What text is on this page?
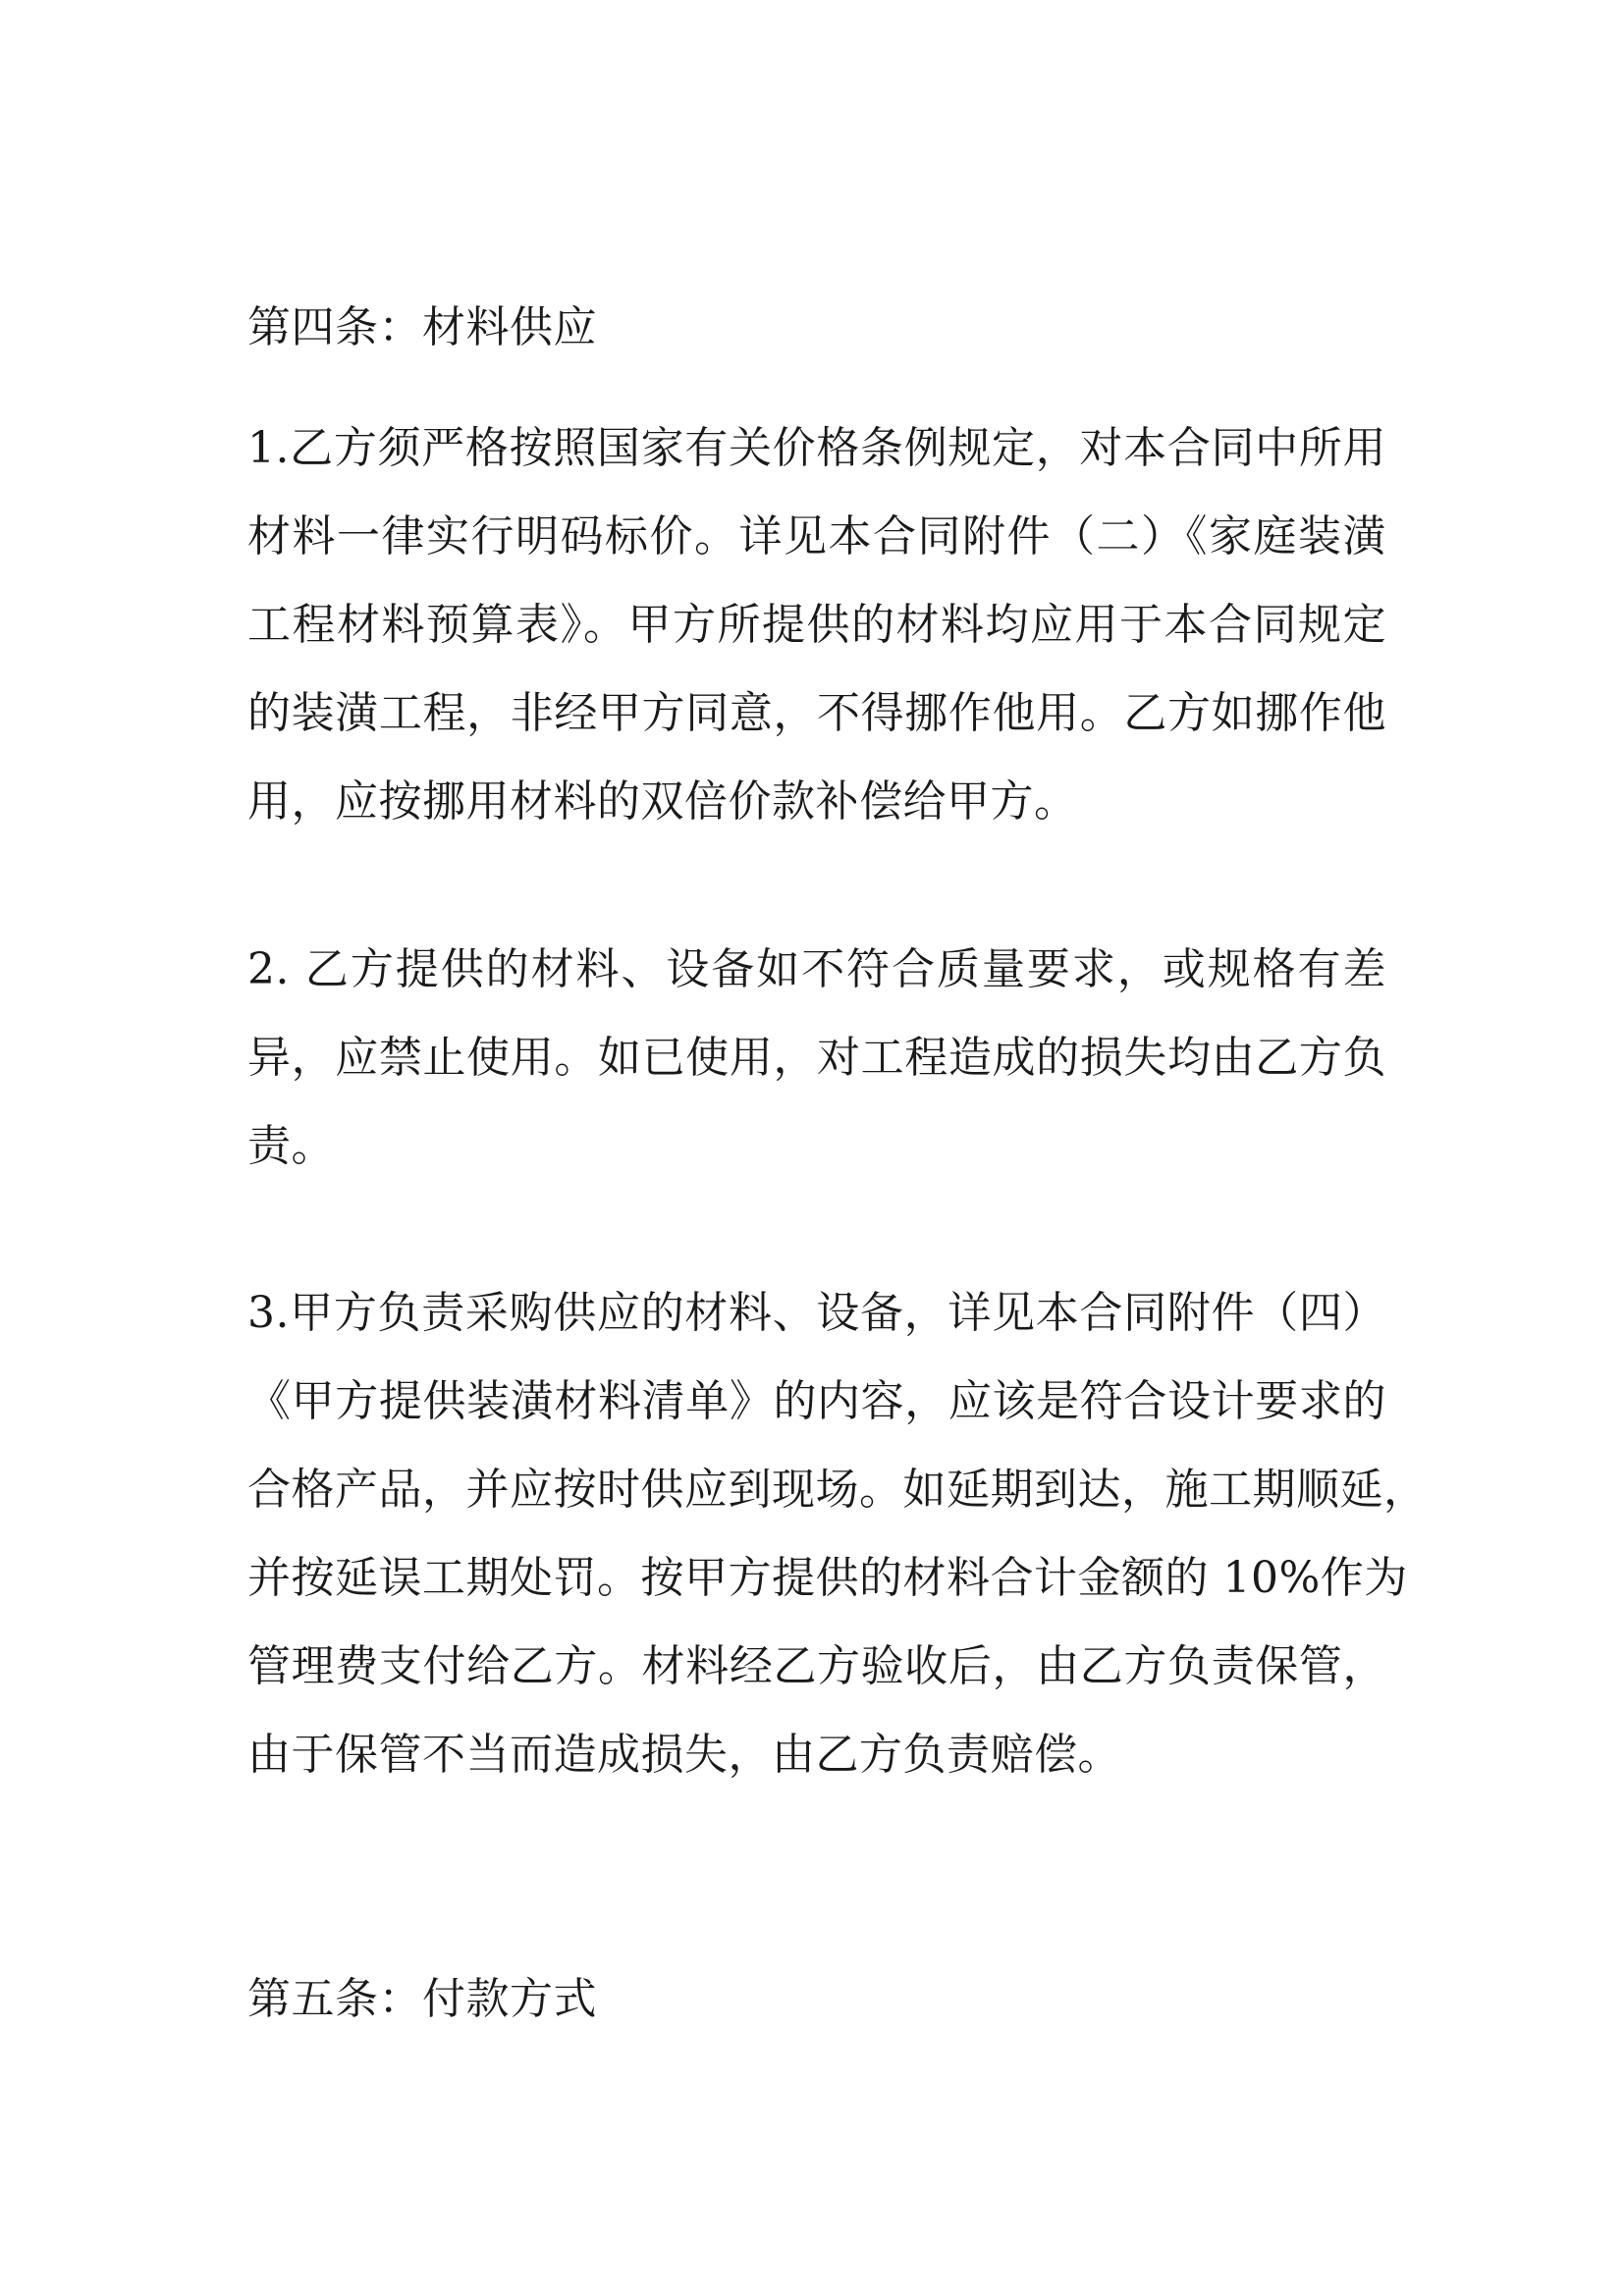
第四条：材料供应
1.乙方须严格按照国家有关价格条例规定，对本合同中所用
材料一律实行明码标价。详见本合同附件（二）《家庭装潢
工程材料预算表》。甲方所提供的材料均应用于本合同规定
的装潢工程，非经甲方同意，不得挪作他用。乙方如挪作他
用，应按挪用材料的双倍价款补偿给甲方。
2. 乙方提供的材料、设备如不符合质量要求，或规格有差
异，应禁止使用。如已使用，对工程造成的损失均由乙方负
责。
3.甲方负责采购供应的材料、设备，详见本合同附件（四）
《甲方提供装潢材料清单》的内容，应该是符合设计要求的
合格产品，并应按时供应到现场。如延期到达，施工期顺延，
并按延误工期处罚。按甲方提供的材料合计金额的 10%作为
管理费支付给乙方。材料经乙方验收后，由乙方负责保管，
由于保管不当而造成损失，由乙方负责赔偿。
第五条：付款方式
